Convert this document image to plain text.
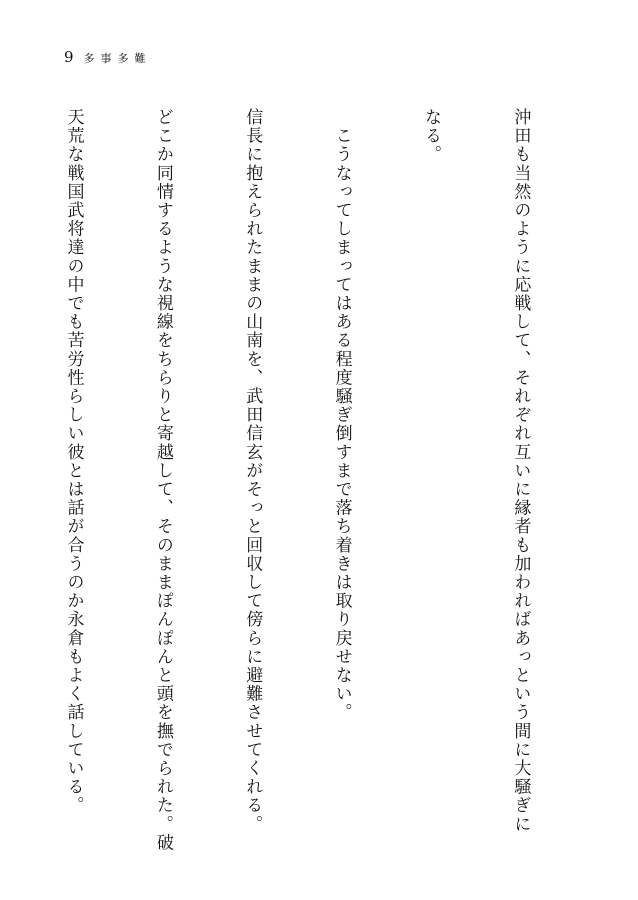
9 多事多難

沖田も当然のように応戦して、それぞれ互いに縁者も加わればあっという間に大騒ぎに

なる。

　こうなってしまってはある程度騒ぎ倒すまで落ち着きは取り戻せない。

信長に抱えられたままの山南を、武田信玄がそっと回収して傍らに避難させてくれる。

どこか同情するような視線をちらりと寄越して、そのままぽんぽんと頭を撫でられた。破

天荒な戦国武将達の中でも苦労性らしい彼とは話が合うのか永倉もよく話している。
